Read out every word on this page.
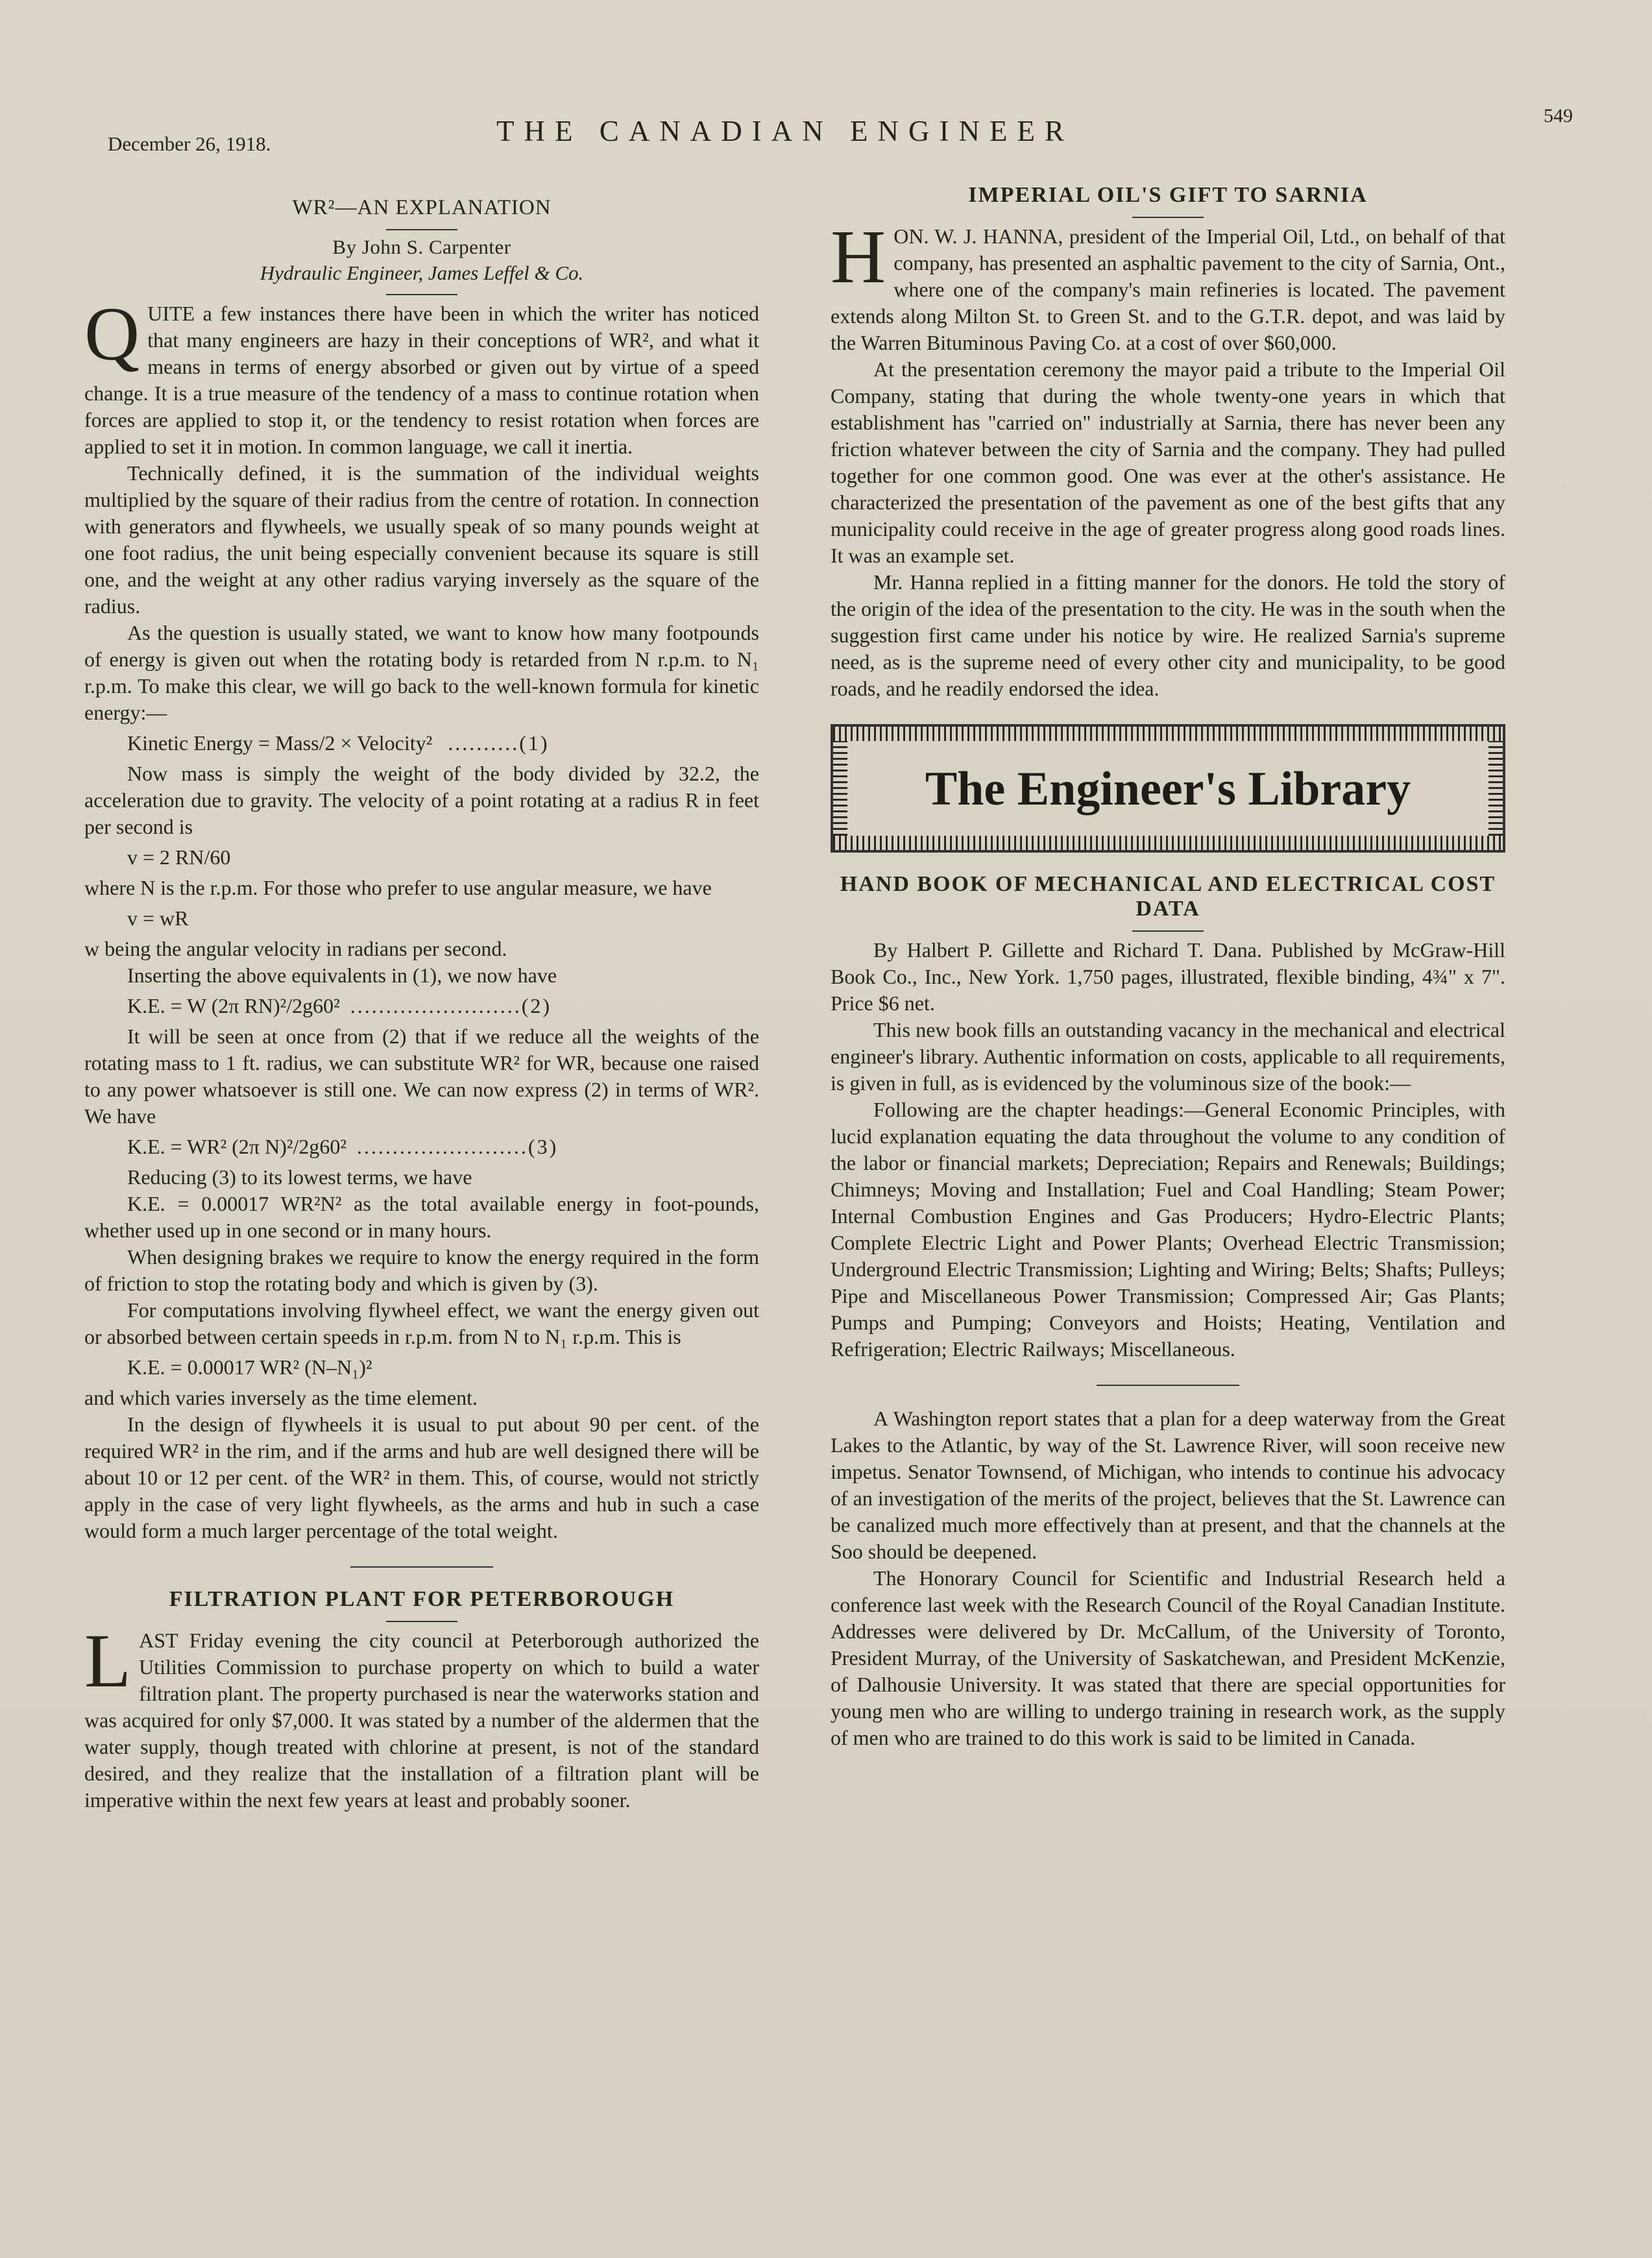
December 26, 1918.	THE CANADIAN ENGINEER	549
WR²—AN EXPLANATION
By John S. Carpenter
Hydraulic Engineer, James Leffel & Co.

QUITE a few instances there have been in which the writer has noticed that many engineers are hazy in their conceptions of WR², and what it means in terms of energy absorbed or given out by virtue of a speed change. It is a true measure of the tendency of a mass to continue rotation when forces are applied to stop it, or the tendency to resist rotation when forces are applied to set it in motion. In common language, we call it inertia.

Technically defined, it is the summation of the individual weights multiplied by the square of their radius from the centre of rotation. In connection with generators and flywheels, we usually speak of so many pounds weight at one foot radius, the unit being especially convenient because its square is still one, and the weight at any other radius varying inversely as the square of the radius.

As the question is usually stated, we want to know how many footpounds of energy is given out when the rotating body is retarded from N r.p.m. to N₁ r.p.m. To make this clear, we will go back to the well-known formula for kinetic energy:—

Kinetic Energy = Mass/2 × Velocity² ..........(1)

Now mass is simply the weight of the body divided by 32.2, the acceleration due to gravity. The velocity of a point rotating at a radius R in feet per second is

v = 2 RN/60

where N is the r.p.m. For those who prefer to use angular measure, we have

v = wR

w being the angular velocity in radians per second.

Inserting the above equivalents in (1), we now have

K.E. = W (2π RN)²/2g60² ........................(2)

It will be seen at once from (2) that if we reduce all the weights of the rotating mass to 1 ft. radius, we can substitute WR² for WR, because one raised to any power whatsoever is still one. We can now express (2) in terms of WR². We have

K.E. = WR² (2π N)²/2g60² ........................(3)

Reducing (3) to its lowest terms, we have

K.E. = 0.00017 WR²N² as the total available energy in foot-pounds, whether used up in one second or in many hours.

When designing brakes we require to know the energy required in the form of friction to stop the rotating body and which is given by (3).

For computations involving flywheel effect, we want the energy given out or absorbed between certain speeds in r.p.m. from N to N₁ r.p.m. This is

K.E. = 0.00017 WR² (N–N₁)²

and which varies inversely as the time element.

In the design of flywheels it is usual to put about 90 per cent. of the required WR² in the rim, and if the arms and hub are well designed there will be about 10 or 12 per cent. of the WR² in them. This, of course, would not strictly apply in the case of very light flywheels, as the arms and hub in such a case would form a much larger percentage of the total weight.

FILTRATION PLANT FOR PETERBOROUGH

LAST Friday evening the city council at Peterborough authorized the Utilities Commission to purchase property on which to build a water filtration plant. The property purchased is near the waterworks station and was acquired for only $7,000. It was stated by a number of the aldermen that the water supply, though treated with chlorine at present, is not of the standard desired, and they realize that the installation of a filtration plant will be imperative within the next few years at least and probably sooner.

IMPERIAL OIL'S GIFT TO SARNIA

HON. W. J. HANNA, president of the Imperial Oil, Ltd., on behalf of that company, has presented an asphaltic pavement to the city of Sarnia, Ont., where one of the company's main refineries is located. The pavement extends along Milton St. to Green St. and to the G.T.R. depot, and was laid by the Warren Bituminous Paving Co. at a cost of over $60,000.

At the presentation ceremony the mayor paid a tribute to the Imperial Oil Company, stating that during the whole twenty-one years in which that establishment has "carried on" industrially at Sarnia, there has never been any friction whatever between the city of Sarnia and the company. They had pulled together for one common good. One was ever at the other's assistance. He characterized the presentation of the pavement as one of the best gifts that any municipality could receive in the age of greater progress along good roads lines. It was an example set.

Mr. Hanna replied in a fitting manner for the donors. He told the story of the origin of the idea of the presentation to the city. He was in the south when the suggestion first came under his notice by wire. He realized Sarnia's supreme need, as is the supreme need of every other city and municipality, to be good roads, and he readily endorsed the idea.

The Engineer's Library
HAND BOOK OF MECHANICAL AND ELECTRICAL COST DATA

By Halbert P. Gillette and Richard T. Dana. Published by McGraw-Hill Book Co., Inc., New York. 1,750 pages, illustrated, flexible binding, 4¾" x 7". Price $6 net.

This new book fills an outstanding vacancy in the mechanical and electrical engineer's library. Authentic information on costs, applicable to all requirements, is given in full, as is evidenced by the voluminous size of the book:—

Following are the chapter headings:—General Economic Principles, with lucid explanation equating the data throughout the volume to any condition of the labor or financial markets; Depreciation; Repairs and Renewals; Buildings; Chimneys; Moving and Installation; Fuel and Coal Handling; Steam Power; Internal Combustion Engines and Gas Producers; Hydro-Electric Plants; Complete Electric Light and Power Plants; Overhead Electric Transmission; Underground Electric Transmission; Lighting and Wiring; Belts; Shafts; Pulleys; Pipe and Miscellaneous Power Transmission; Compressed Air; Gas Plants; Pumps and Pumping; Conveyors and Hoists; Heating, Ventilation and Refrigeration; Electric Railways; Miscellaneous.

A Washington report states that a plan for a deep waterway from the Great Lakes to the Atlantic, by way of the St. Lawrence River, will soon receive new impetus. Senator Townsend, of Michigan, who intends to continue his advocacy of an investigation of the merits of the project, believes that the St. Lawrence can be canalized much more effectively than at present, and that the channels at the Soo should be deepened.

The Honorary Council for Scientific and Industrial Research held a conference last week with the Research Council of the Royal Canadian Institute. Addresses were delivered by Dr. McCallum, of the University of Toronto, President Murray, of the University of Saskatchewan, and President McKenzie, of Dalhousie University. It was stated that there are special opportunities for young men who are willing to undergo training in research work, as the supply of men who are trained to do this work is said to be limited in Canada.
